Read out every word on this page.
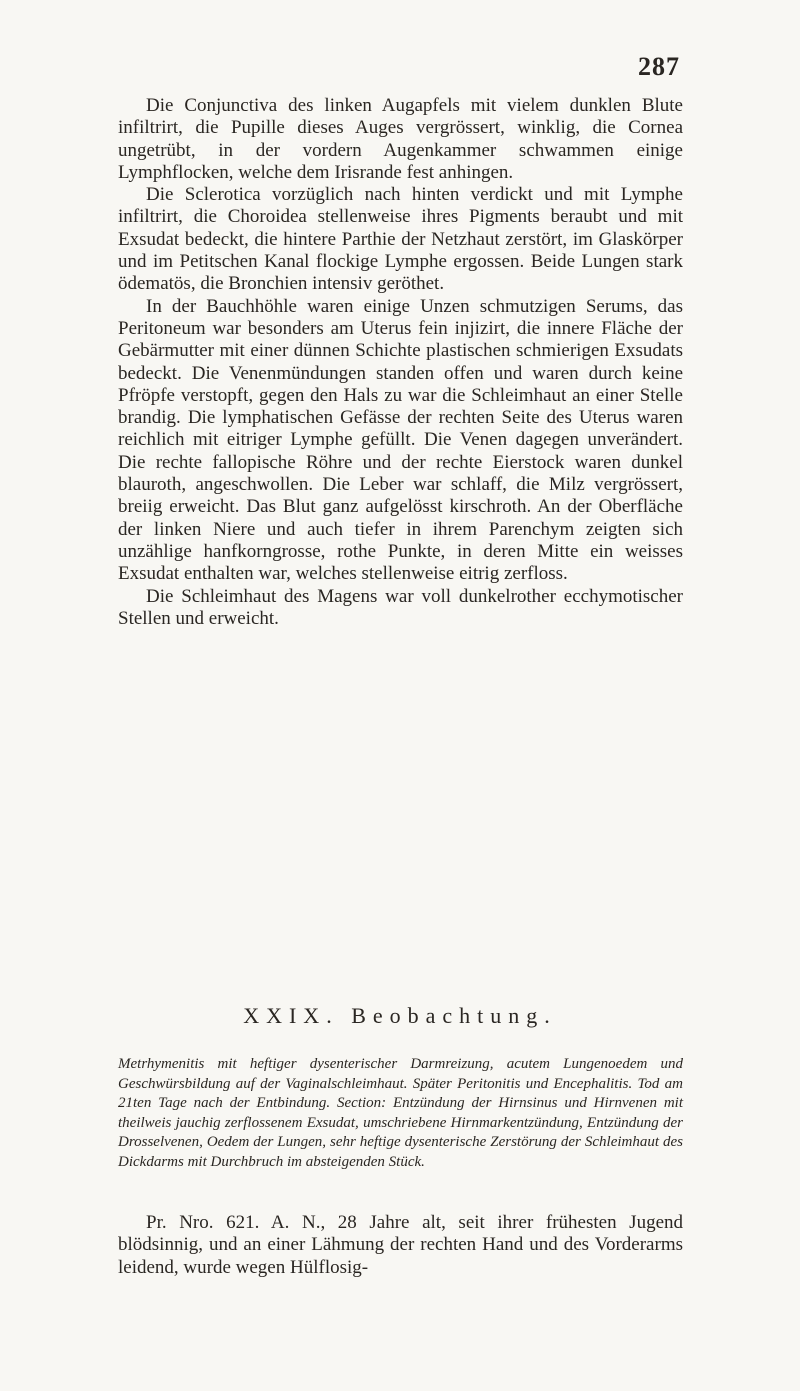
287

Die Conjunctiva des linken Augapfels mit vielem dunklen Blute infiltrirt, die Pupille dieses Auges vergrössert, winklig, die Cornea ungetrübt, in der vordern Augenkammer schwammen einige Lymphflocken, welche dem Irisrande fest anhingen.

Die Sclerotica vorzüglich nach hinten verdickt und mit Lymphe infiltrirt, die Choroidea stellenweise ihres Pigments beraubt und mit Exsudat bedeckt, die hintere Parthie der Netzhaut zerstört, im Glaskörper und im Petitschen Kanal flockige Lymphe ergossen. Beide Lungen stark ödematös, die Bronchien intensiv geröthet.

In der Bauchhöhle waren einige Unzen schmutzigen Serums, das Peritoneum war besonders am Uterus fein injizirt, die innere Fläche der Gebärmutter mit einer dünnen Schichte plastischen schmierigen Exsudats bedeckt. Die Venenmündungen standen offen und waren durch keine Pfröpfe verstopft, gegen den Hals zu war die Schleimhaut an einer Stelle brandig. Die lymphatischen Gefässe der rechten Seite des Uterus waren reichlich mit eitriger Lymphe gefüllt. Die Venen dagegen unverändert. Die rechte fallopische Röhre und der rechte Eierstock waren dunkel blauroth, angeschwollen. Die Leber war schlaff, die Milz vergrössert, breiig erweicht. Das Blut ganz aufgelösst kirschroth. An der Oberfläche der linken Niere und auch tiefer in ihrem Parenchym zeigten sich unzählige hanfkorngrosse, rothe Punkte, in deren Mitte ein weisses Exsudat enthalten war, welches stellenweise eitrig zerfloss.

Die Schleimhaut des Magens war voll dunkelrother ecchymotischer Stellen und erweicht.

XXIX. Beobachtung.
Metrhymenitis mit heftiger dysenterischer Darmreizung, acutem Lungenoedem und Geschwürsbildung auf der Vaginalschleimhaut. Später Peritonitis und Encephalitis. Tod am 21ten Tage nach der Entbindung. Section: Entzündung der Hirnsinus und Hirnvenen mit theilweis jauchig zerflossenem Exsudat, umschriebene Hirnmarkentzündung, Entzündung der Drosselvenen, Oedem der Lungen, sehr heftige dysenterische Zerstörung der Schleimhaut des Dickdarms mit Durchbruch im absteigenden Stück.

Pr. Nro. 621. A. N., 28 Jahre alt, seit ihrer frühesten Jugend blödsinnig, und an einer Lähmung der rechten Hand und des Vorderarms leidend, wurde wegen Hülflosig-
